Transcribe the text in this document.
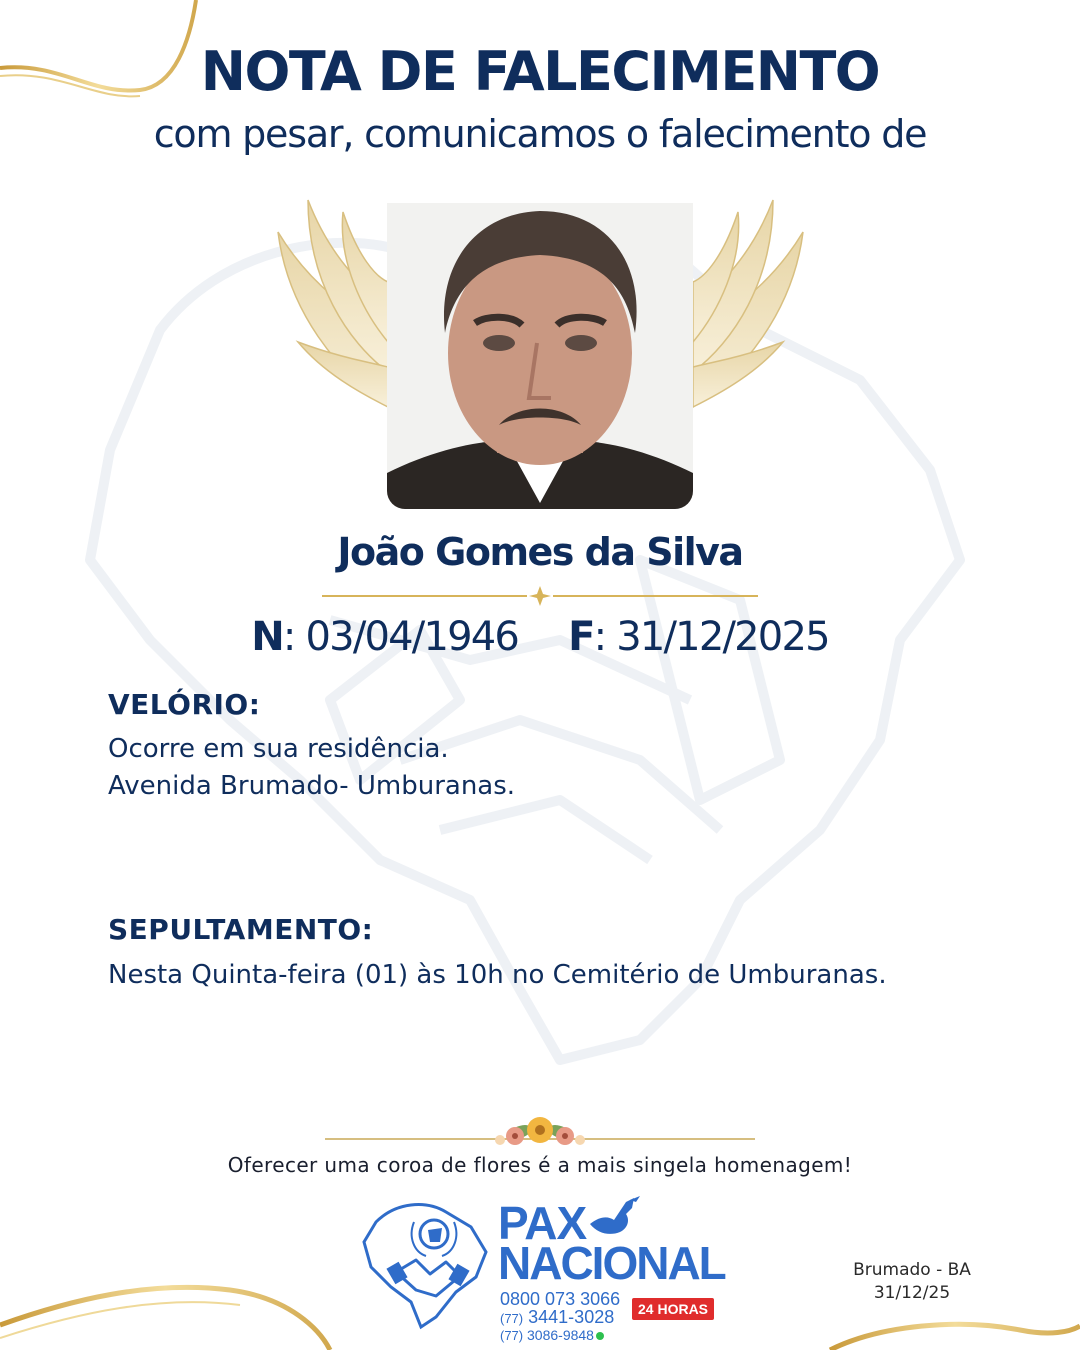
NOTA DE FALECIMENTO
com pesar, comunicamos o falecimento de
João Gomes da Silva
N: 03/04/1946 F: 31/12/2025
VELÓRIO:
Ocorre em sua residência.
Avenida Brumado- Umburanas.
SEPULTAMENTO:
Nesta Quinta-feira (01) às 10h no Cemitério de Umburanas.
Oferecer uma coroa de flores é a mais singela homenagem!
PAX
NACIONAL
0800 073 3066	24 HORAS
(77) 3441-3028
(77) 3086-9848
Brumado - BA
31/12/25
